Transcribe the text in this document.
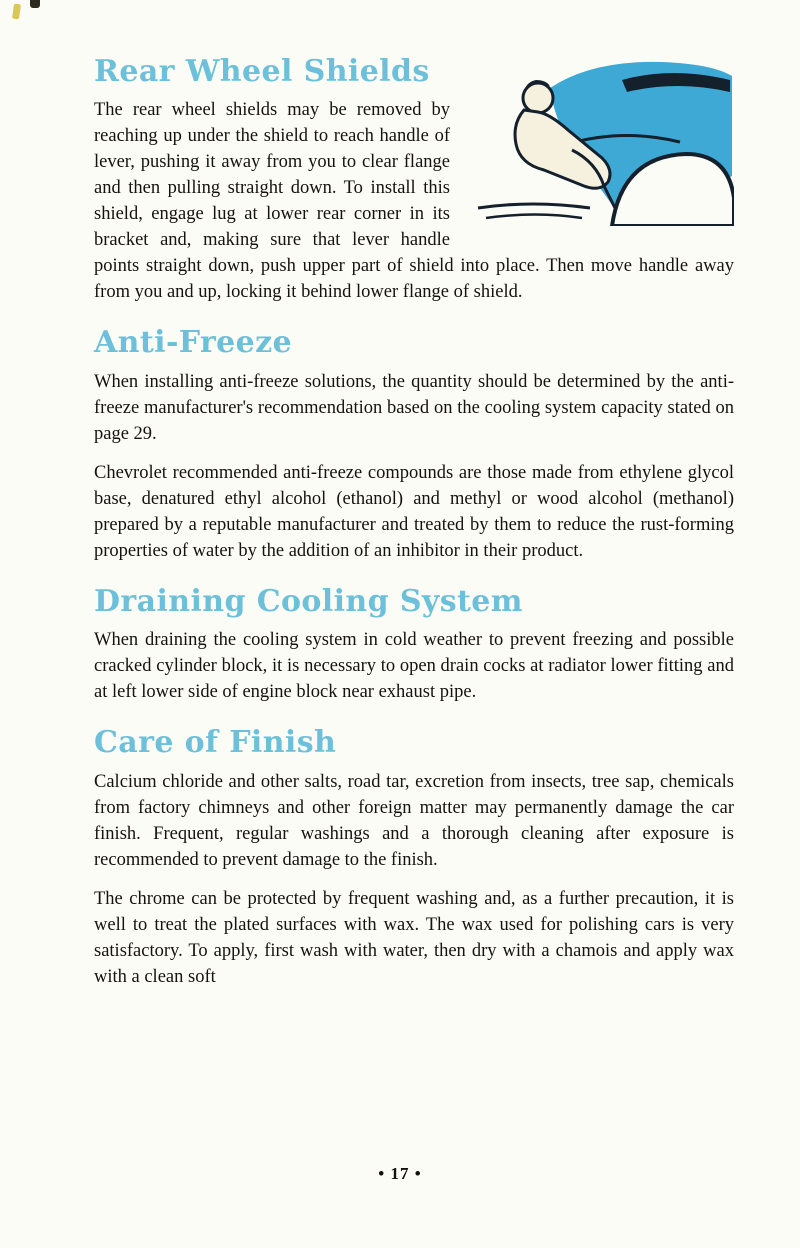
Rear Wheel Shields

The rear wheel shields may be removed by reaching up under the shield to reach handle of lever, pushing it away from you to clear flange and then pulling straight down. To install this shield, engage lug at lower rear corner in its bracket and, making sure that lever handle points straight down, push upper part of shield into place. Then move handle away from you and up, locking it behind lower flange of shield.

Anti-Freeze

When installing anti-freeze solutions, the quantity should be determined by the anti-freeze manufacturer's recommendation based on the cooling system capacity stated on page 29.

Chevrolet recommended anti-freeze compounds are those made from ethylene glycol base, denatured ethyl alcohol (ethanol) and methyl or wood alcohol (methanol) prepared by a reputable manufacturer and treated by them to reduce the rust-forming properties of water by the addition of an inhibitor in their product.

Draining Cooling System

When draining the cooling system in cold weather to prevent freezing and possible cracked cylinder block, it is necessary to open drain cocks at radiator lower fitting and at left lower side of engine block near exhaust pipe.

Care of Finish

Calcium chloride and other salts, road tar, excretion from insects, tree sap, chemicals from factory chimneys and other foreign matter may permanently damage the car finish. Frequent, regular washings and a thorough cleaning after exposure is recommended to prevent damage to the finish.

The chrome can be protected by frequent washing and, as a further precaution, it is well to treat the plated surfaces with wax. The wax used for polishing cars is very satisfactory. To apply, first wash with water, then dry with a chamois and apply wax with a clean soft

• 17 •
